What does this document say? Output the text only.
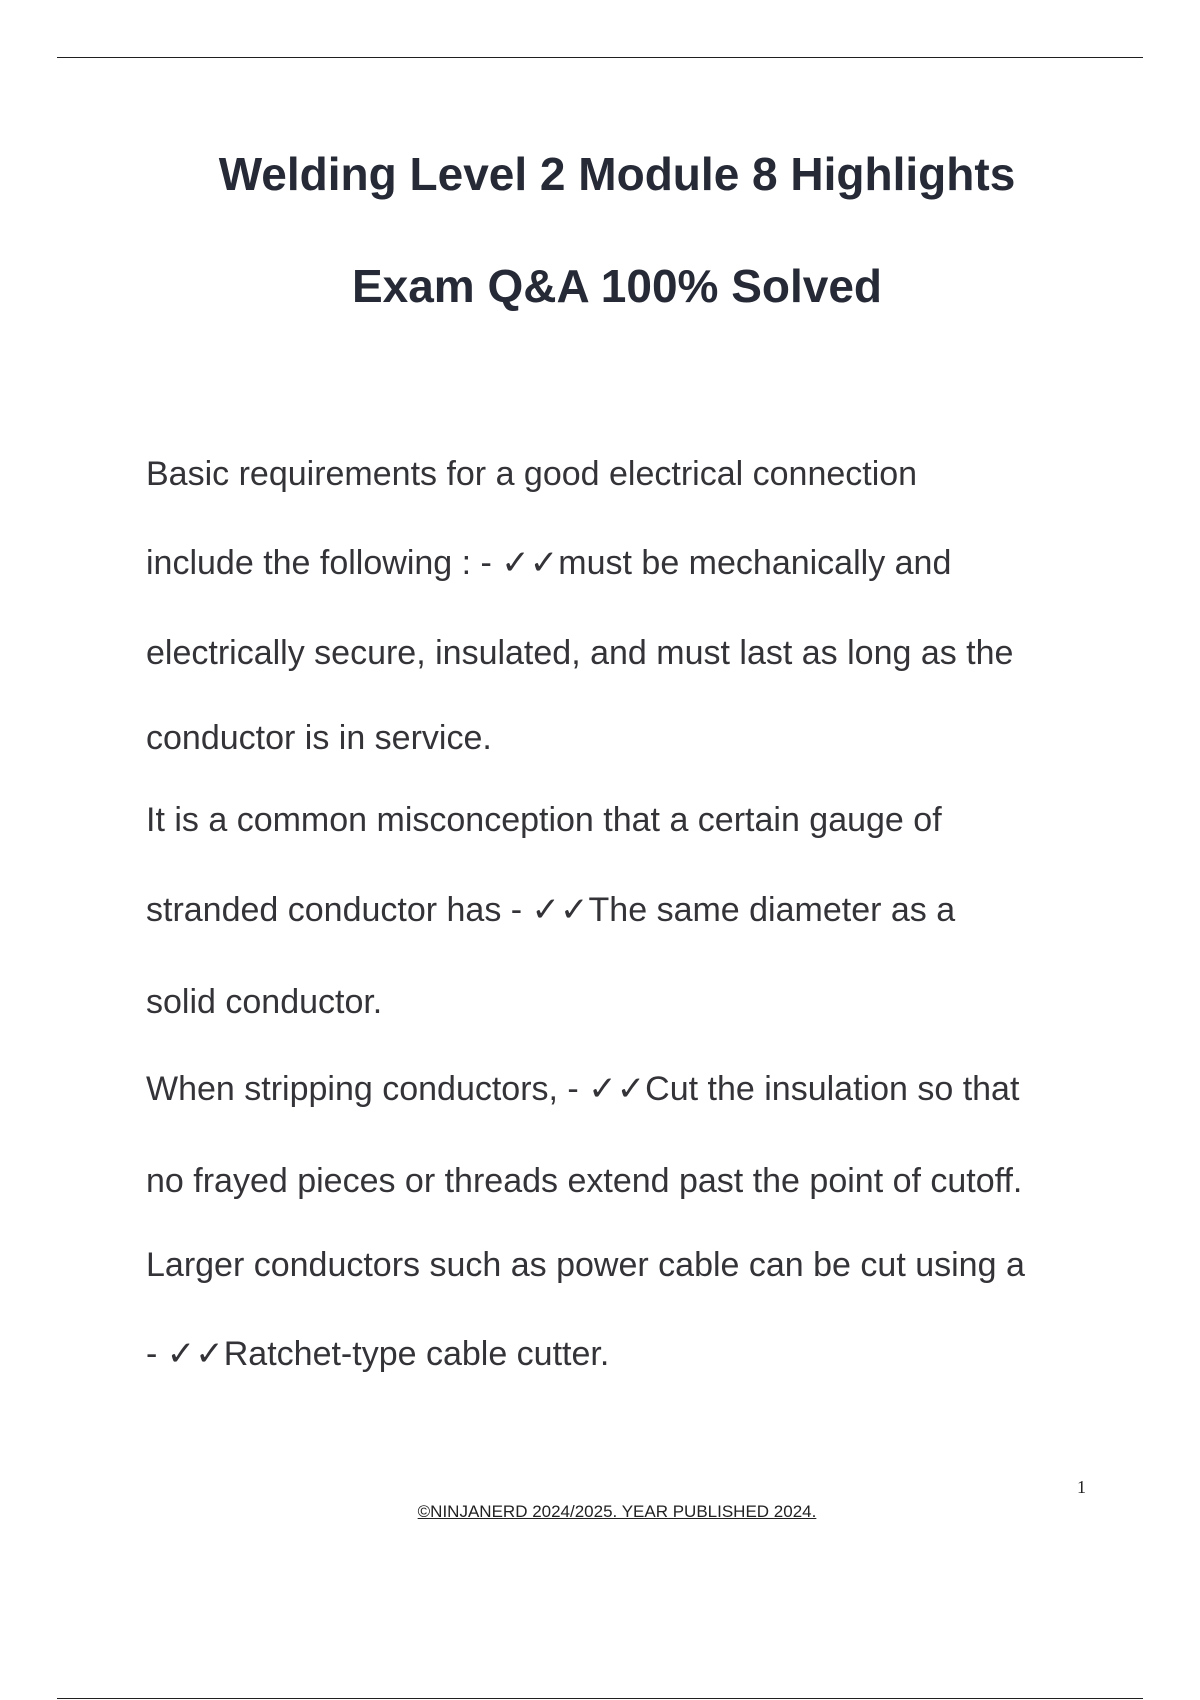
Welding Level 2 Module 8 Highlights
Exam Q&A 100% Solved

Basic requirements for a good electrical connection

include the following : - ✓✓must be mechanically and

electrically secure, insulated, and must last as long as the

conductor is in service.

It is a common misconception that a certain gauge of

stranded conductor has - ✓✓The same diameter as a

solid conductor.

When stripping conductors, - ✓✓Cut the insulation so that

no frayed pieces or threads extend past the point of cutoff.

Larger conductors such as power cable can be cut using a

- ✓✓Ratchet-type cable cutter.

1
©NINJANERD 2024/2025. YEAR PUBLISHED 2024.
